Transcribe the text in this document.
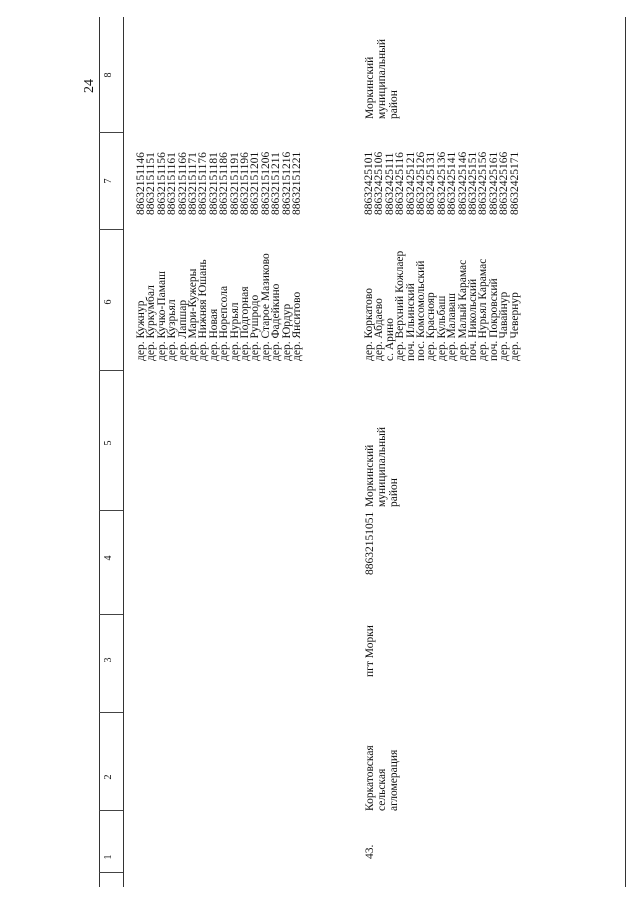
24
1
2
3
4
5
6
7
8
дер. Кужнур
дер. Куркумбал
дер. Кучко-Памаш
дер. Кузрьял
дер. Лапшар
дер. Мари-Кужеры
дер. Нижняя Юшань
дер. Новая
дер. Норепсола
дер. Нурьял
дер. Подгорная
дер. Рушродо
дер. Старое Мазиково
дер. Фадейкино
дер. Юрдур
дер. Янситово
88632151146
88632151151
88632151156
88632151161
88632151166
88632151171
88632151176
88632151181
88632151186
88632151191
88632151196
88632151201
88632151206
88632151211
88632151216
88632151221
43.
Коркатовская сельская агломерация
пгт Морки
88632151051
Моркинский муниципальный район
дер. Коркатово
дер. Абдаево
с. Арино
дер. Верхний Кожлаер
поч. Ильинский
пос. Комсомольский
дер. Краснояр
дер. Кульбаш
дер. Малаваш
дер. Малый Карамас
поч. Никольский
дер. Нурьял Карамас
поч. Покровский
дер. Чавайнур
дер. Чевернур
88632425101
88632425106
88632425111
88632425116
88632425121
88632425126
88632425131
88632425136
88632425141
88632425146
88632425151
88632425156
88632425161
88632425166
88632425171
Моркинский муниципальный район
